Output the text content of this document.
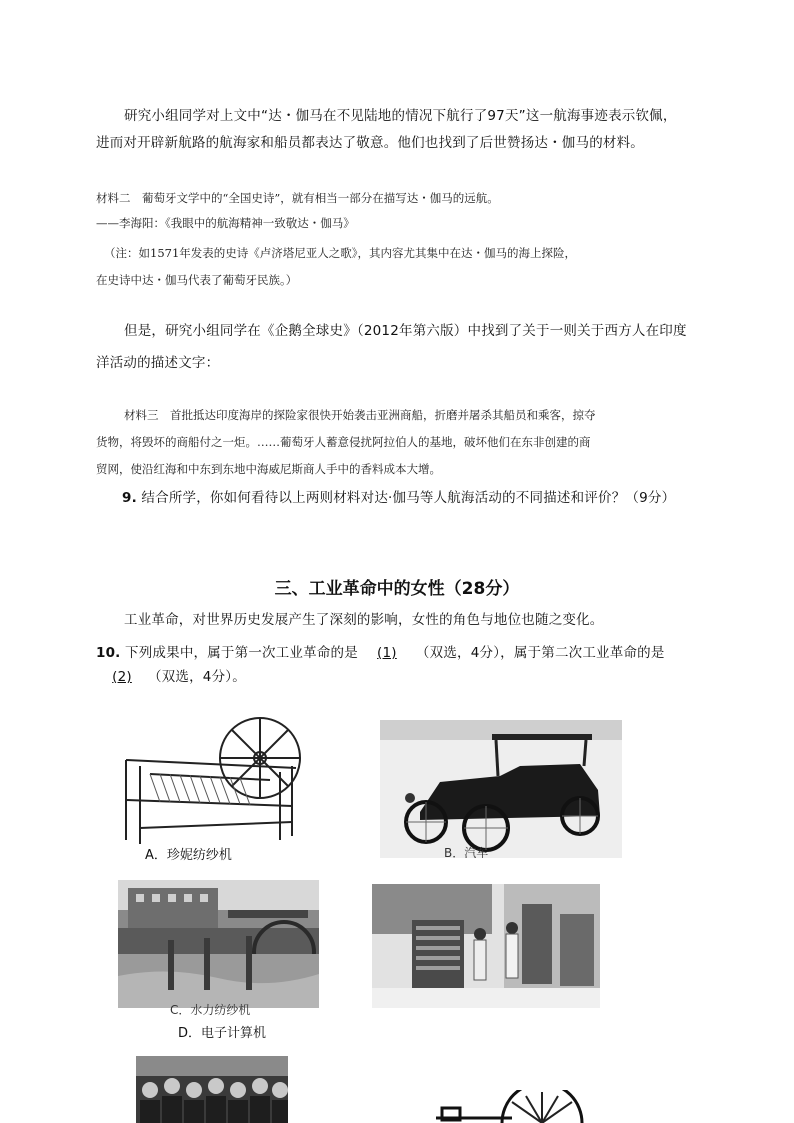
研究小组同学对上文中“达・伽马在不见陆地的情况下航行了97天”这一航海事迹表示钦佩，
进而对开辟新航路的航海家和船员都表达了敬意。他们也找到了后世赞扬达・伽马的材料。
材料二　葡萄牙文学中的“全国史诗”，就有相当一部分在描写达・伽马的远航。
——李海阳：《我眼中的航海精神一致敬达・伽马》
（注：如1571年发表的史诗《卢济塔尼亚人之歌》，其内容尤其集中在达・伽马的海上探险，
在史诗中达・伽马代表了葡萄牙民族。）
但是，研究小组同学在《企鹅全球史》（2012年第六版）中找到了关于一则关于西方人在印度
洋活动的描述文字：
材料三　首批抵达印度海岸的探险家很快开始袭击亚洲商船，折磨并屠杀其船员和乘客，掠夺
货物，将毁坏的商船付之一炬。……葡萄牙人蓄意侵扰阿拉伯人的基地，破坏他们在东非创建的商
贸网，使沿红海和中东到东地中海威尼斯商人手中的香料成本大增。
9. 结合所学，你如何看待以上两则材料对达·伽马等人航海活动的不同描述和评价？（9分）
三、工业革命中的女性（28分）
工业革命，对世界历史发展产生了深刻的影响，女性的角色与地位也随之变化。
10. 下列成果中，属于第一次工业革命的是 (1) （双选，4分），属于第二次工业革命的是
(2) （双选，4分）。
A．珍妮纺纱机	B．汽车
C．水力纺纱机
D．电子计算机
